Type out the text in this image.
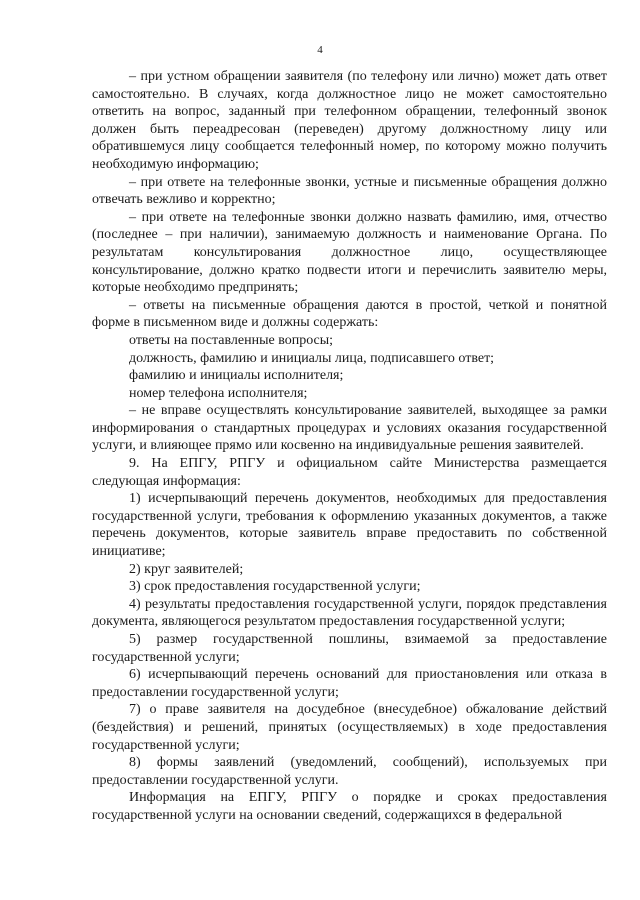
4

– при устном обращении заявителя (по телефону или лично) может дать ответ самостоятельно. В случаях, когда должностное лицо не может самостоятельно ответить на вопрос, заданный при телефонном обращении, телефонный звонок должен быть переадресован (переведен) другому должностному лицу или обратившемуся лицу сообщается телефонный номер, по которому можно получить необходимую информацию;

– при ответе на телефонные звонки, устные и письменные обращения должно отвечать вежливо и корректно;

– при ответе на телефонные звонки должно назвать фамилию, имя, отчество (последнее – при наличии), занимаемую должность и наименование Органа. По результатам консультирования должностное лицо, осуществляющее консультирование, должно кратко подвести итоги и перечислить заявителю меры, которые необходимо предпринять;

– ответы на письменные обращения даются в простой, четкой и понятной форме в письменном виде и должны содержать:

ответы на поставленные вопросы;

должность, фамилию и инициалы лица, подписавшего ответ;

фамилию и инициалы исполнителя;

номер телефона исполнителя;

– не вправе осуществлять консультирование заявителей, выходящее за рамки информирования о стандартных процедурах и условиях оказания государственной услуги, и влияющее прямо или косвенно на индивидуальные решения заявителей.

9. На ЕПГУ, РПГУ и официальном сайте Министерства размещается следующая информация:

1) исчерпывающий перечень документов, необходимых для предоставления государственной услуги, требования к оформлению указанных документов, а также перечень документов, которые заявитель вправе предоставить по собственной инициативе;

2) круг заявителей;

3) срок предоставления государственной услуги;

4) результаты предоставления государственной услуги, порядок представления документа, являющегося результатом предоставления государственной услуги;

5) размер государственной пошлины, взимаемой за предоставление государственной услуги;

6) исчерпывающий перечень оснований для приостановления или отказа в предоставлении государственной услуги;

7) о праве заявителя на досудебное (внесудебное) обжалование действий (бездействия) и решений, принятых (осуществляемых) в ходе предоставления государственной услуги;

8) формы заявлений (уведомлений, сообщений), используемых при предоставлении государственной услуги.

Информация на ЕПГУ, РПГУ о порядке и сроках предоставления государственной услуги на основании сведений, содержащихся в федеральной
